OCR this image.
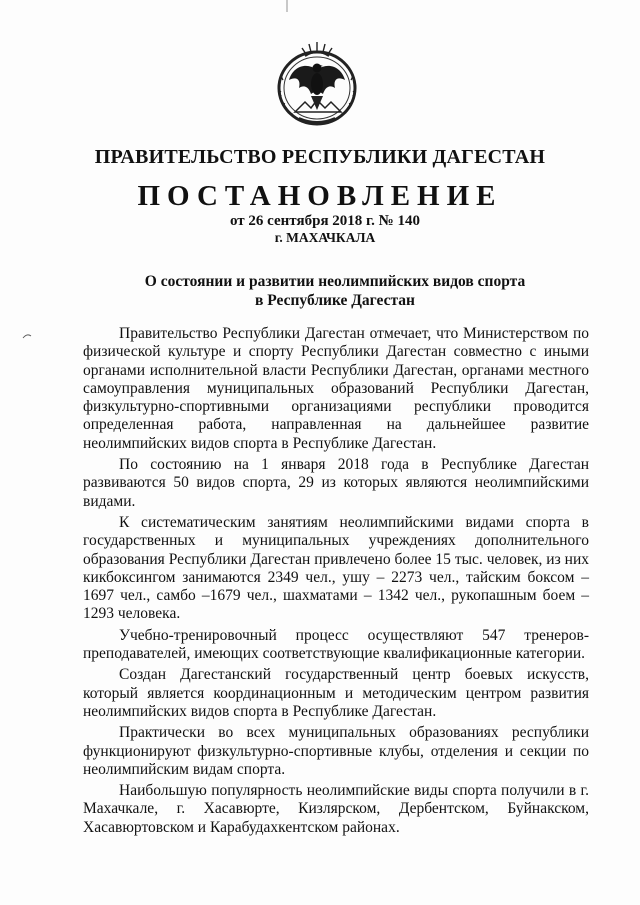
ПРАВИТЕЛЬСТВО РЕСПУБЛИКИ ДАГЕСТАН
ПОСТАНОВЛЕНИЕ
от 26 сентября 2018 г. № 140
г. МАХАЧКАЛА
О состоянии и развитии неолимпийских видов спорта
в Республике Дагестан

Правительство Республики Дагестан отмечает, что Министерством по физической культуре и спорту Республики Дагестан совместно с иными органами исполнительной власти Республики Дагестан, органами местного самоуправления муниципальных образований Республики Дагестан, физкультурно-спортивными организациями республики проводится определенная работа, направленная на дальнейшее развитие неолимпийских видов спорта в Республике Дагестан.

По состоянию на 1 января 2018 года в Республике Дагестан развиваются 50 видов спорта, 29 из которых являются неолимпийскими видами.

К систематическим занятиям неолимпийскими видами спорта в государственных и муниципальных учреждениях дополнительного образования Республики Дагестан привлечено более 15 тыс. человек, из них кикбоксингом занимаются 2349 чел., ушу – 2273 чел., тайским боксом – 1697 чел., самбо –1679 чел., шахматами – 1342 чел., рукопашным боем – 1293 человека.

Учебно-тренировочный процесс осуществляют 547 тренеров-преподавателей, имеющих соответствующие квалификационные категории.

Создан Дагестанский государственный центр боевых искусств, который является координационным и методическим центром развития неолимпийских видов спорта в Республике Дагестан.

Практически во всех муниципальных образованиях республики функционируют физкультурно-спортивные клубы, отделения и секции по неолимпийским видам спорта.

Наибольшую популярность неолимпийские виды спорта получили в г. Махачкале, г. Хасавюрте, Кизлярском, Дербентском, Буйнакском, Хасавюртовском и Карабудахкентском районах.
